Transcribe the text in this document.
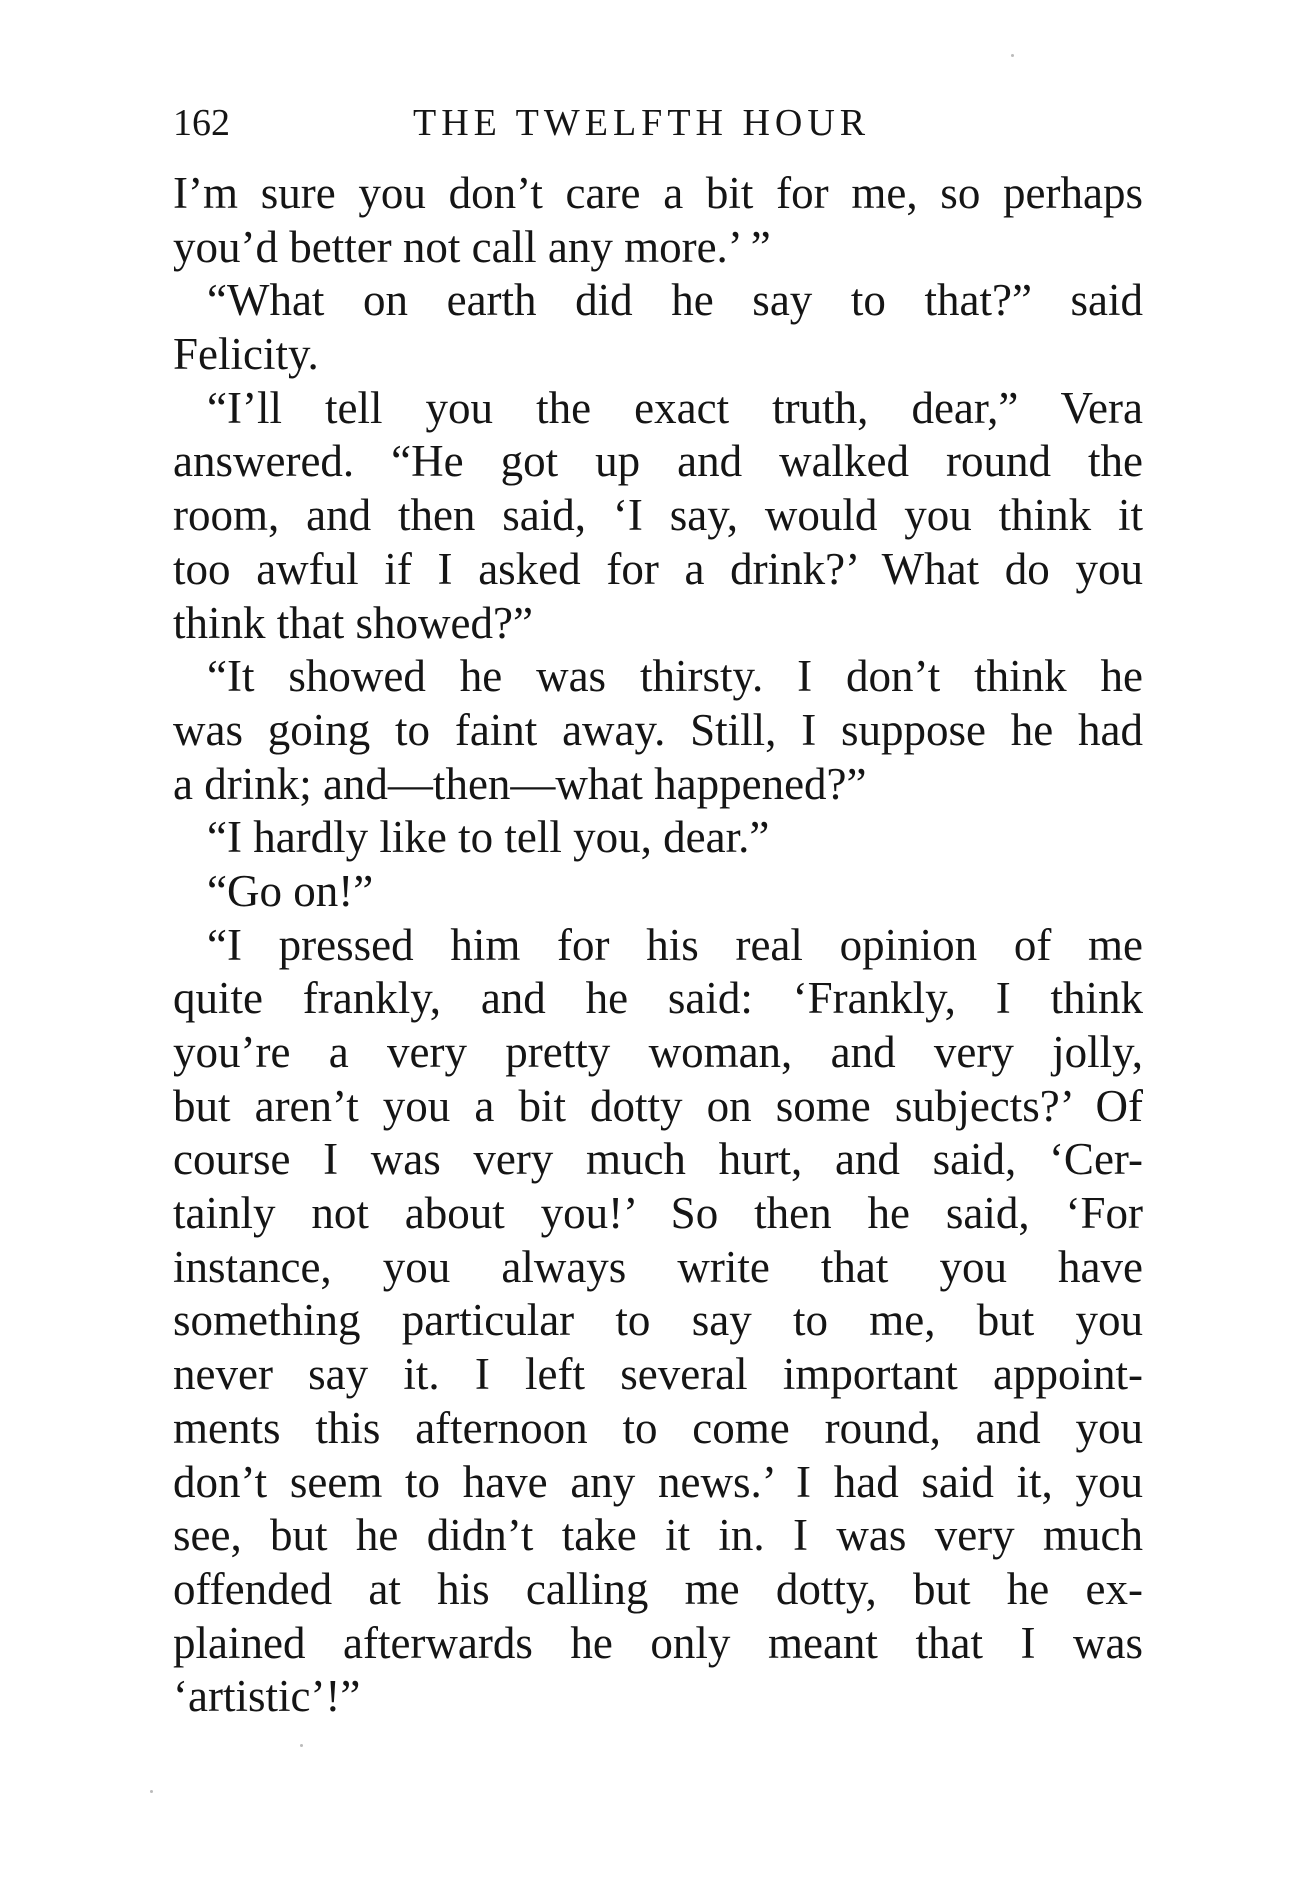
162	THE TWELFTH HOUR
I’m sure you don’t care a bit for me, so perhaps
you’d better not call any more.’ ”
“What on earth did he say to that?” said
Felicity.
“I’ll tell you the exact truth, dear,” Vera
answered. “He got up and walked round the
room, and then said, ‘I say, would you think it
too awful if I asked for a drink?’ What do you
think that showed?”
“It showed he was thirsty. I don’t think he
was going to faint away. Still, I suppose he had
a drink; and—then—what happened?”
“I hardly like to tell you, dear.”
“Go on!”
“I pressed him for his real opinion of me
quite frankly, and he said: ‘Frankly, I think
you’re a very pretty woman, and very jolly,
but aren’t you a bit dotty on some subjects?’ Of
course I was very much hurt, and said, ‘Cer-
tainly not about you!’ So then he said, ‘For
instance, you always write that you have
something particular to say to me, but you
never say it. I left several important appoint-
ments this afternoon to come round, and you
don’t seem to have any news.’ I had said it, you
see, but he didn’t take it in. I was very much
offended at his calling me dotty, but he ex-
plained afterwards he only meant that I was
‘artistic’!”
